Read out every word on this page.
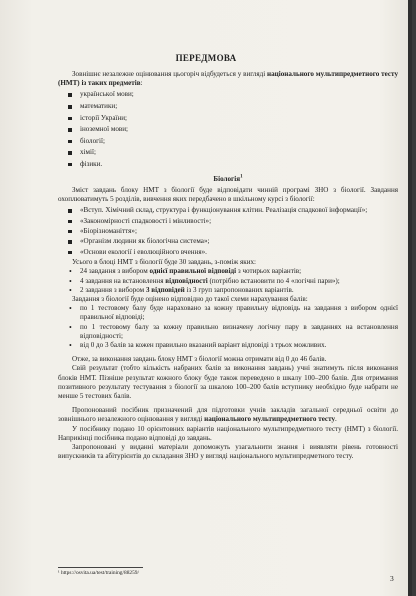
ПЕРЕДМОВА

Зовнішнє незалежне оцінювання цьогоріч відбудеться у вигляді національного мультипредметного тесту (НМТ) із таких предметів:

українськoї мови;
математики;
історії України;
іноземної мови;
біології;
хімії;
фізики.
Біологія$^1$

Зміст завдань блоку НМТ з біології буде відповідати чинній програмі ЗНО з біології. Завдання охоплюватимуть 5 розділів, вивчення яких передбачено в шкільному курсі з біології:

«Вступ. Хімічний склад, структура і функціонування клітин. Реалізація спадкової інформації»;
«Закономірності спадковості і мінливості»;
«Біорізноманіття»;
«Організм людини як біологічна система»;
«Основи екології і еволюційного вчення».

Усього в блоці НМТ з біології буде 30 завдань, з-поміж яких:

• 24 завдання з вибором однієї правильної відповіді з чотирьох варіантів;
• 4 завдання на встановлення відповідності (потрібно встановити по 4 «логічні пари»);
• 2 завдання з вибором 3 відповідей із 3 груп запропонованих варіантів.

Завдання з біології буде оцінено відповідно до такої схеми нарахування балів:

• по 1 тестовому балу буде нараховано за кожну правильну відповідь на завдання з вибором однієї правильної відповіді;
• по 1 тестовому балу за кожну правильно визначену логічну пару в завданнях на встановлення відповідності;
• від 0 до 3 балів за кожен правильно вказаний варіант відповіді з трьох можливих.

Отже, за виконання завдань блоку НМТ з біології можна отримати від 0 до 46 балів.

Свій результат (тобто кількість набраних балів за виконання завдань) учні знатимуть після виконання блоків НМТ. Пізніше результат кожного блоку буде також переведено в шкалу 100–200 балів. Для отримання позитивного результату тестування з біології за шкалою 100–200 балів вступнику необхідно буде набрати не менше 5 тестових балів.

Пропонований посібник призначений для підготовки учнів закладів загальної середньої освіти до зовнішнього незалежного оцінювання у вигляді національного мультипредметного тесту.

У посібнику подано 10 орієнтовних варіантів національного мультипредметного тесту (НМТ) з біології. Наприкінці посібника подано відповіді до завдань.

Запропоновані у виданні матеріали допоможуть узагальнити знання і виявляти рівень готовності випускників та абітурієнтів до складання ЗНО у вигляді національного мультипредметного тесту.

¹ https://osvita.ua/test/training/88259/
3
